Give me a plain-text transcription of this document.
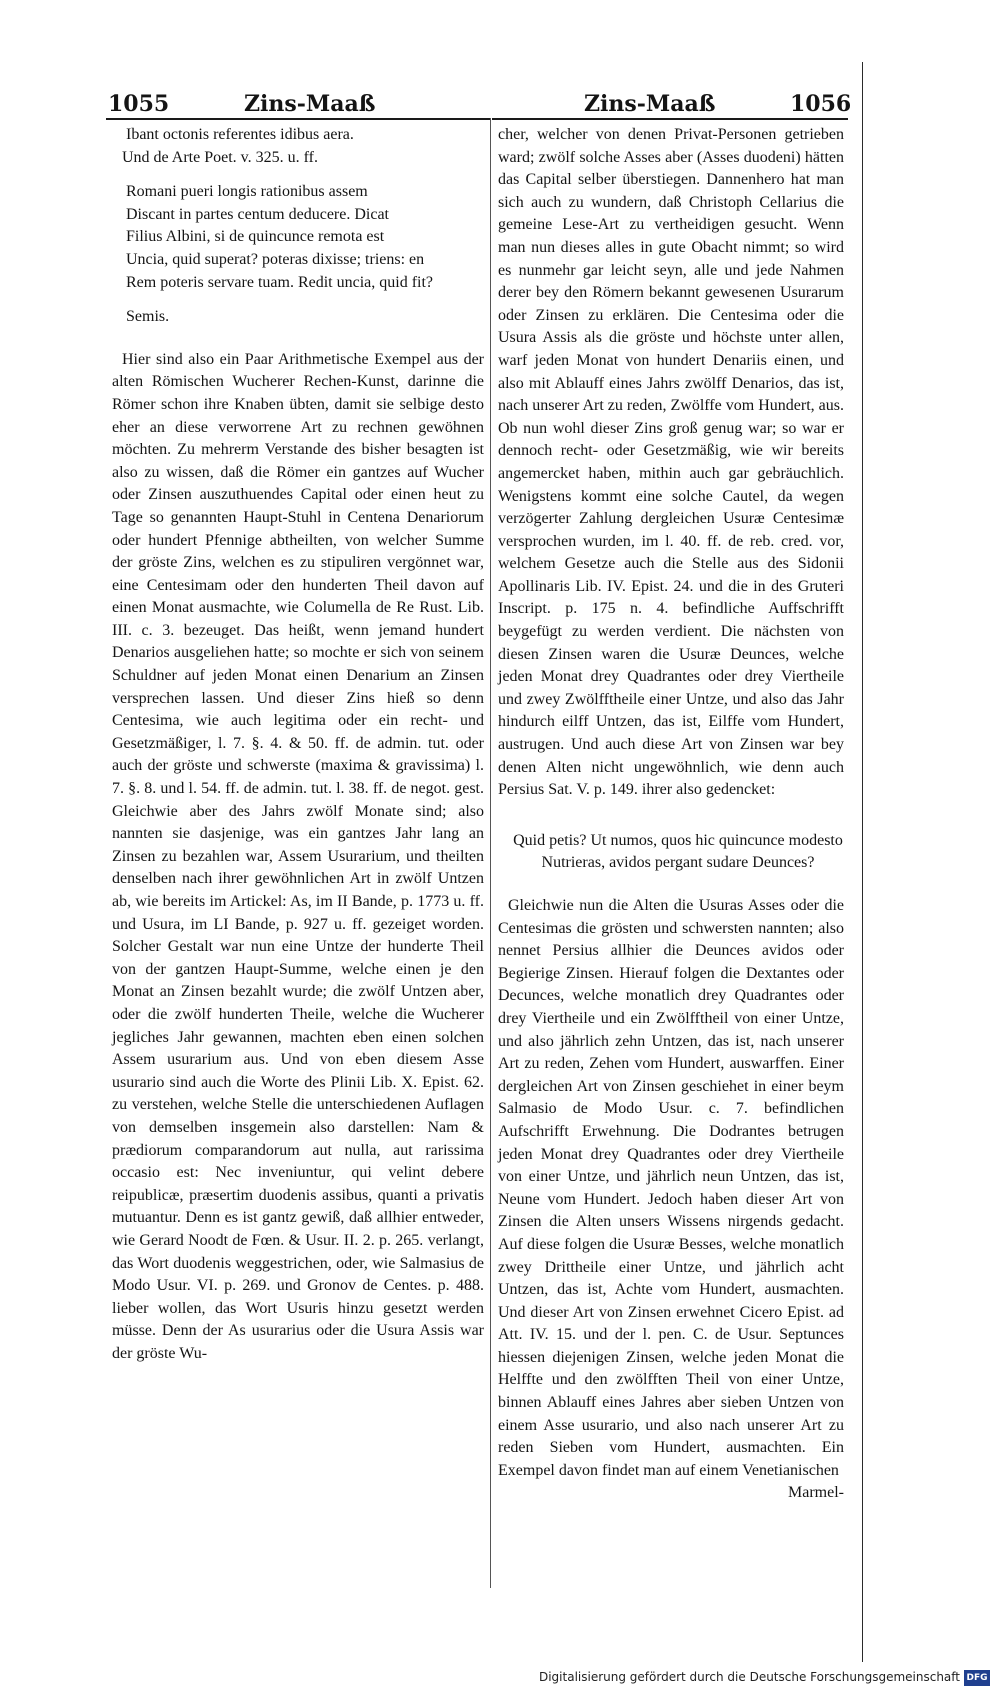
1055	Zins-Maaß	Zins-Maaß	1056

Ibant octonis referentes idibus aera.

Und de Arte Poet. v. 325. u. ff.

Romani pueri longis rationibus assem

Discant in partes centum deducere. Dicat

Filius Albini, si de quincunce remota est

Uncia, quid superat? poteras dixisse; triens: en

Rem poteris servare tuam. Redit uncia, quid fit?

Semis.

Hier sind also ein Paar Arithmetische Exempel aus der alten Römischen Wucherer Rechen-Kunst, darinne die Römer schon ihre Knaben übten, damit sie selbige desto eher an diese verworrene Art zu rechnen gewöhnen möchten. Zu mehrerm Verstande des bisher besagten ist also zu wissen, daß die Römer ein gantzes auf Wucher oder Zinsen auszuthuendes Capital oder einen heut zu Tage so genannten Haupt-Stuhl in Centena Denariorum oder hundert Pfennige abtheilten, von welcher Summe der gröste Zins, welchen es zu stipuliren vergönnet war, eine Centesimam oder den hunderten Theil davon auf einen Monat ausmachte, wie Columella de Re Rust. Lib. III. c. 3. bezeuget. Das heißt, wenn jemand hundert Denarios ausgeliehen hatte; so mochte er sich von seinem Schuldner auf jeden Monat einen Denarium an Zinsen versprechen lassen. Und dieser Zins hieß so denn Centesima, wie auch legitima oder ein recht- und Gesetzmäßiger, l. 7. §. 4. & 50. ff. de admin. tut. oder auch der gröste und schwerste (maxima & gravissima) l. 7. §. 8. und l. 54. ff. de admin. tut. l. 38. ff. de negot. gest. Gleichwie aber des Jahrs zwölf Monate sind; also nannten sie dasjenige, was ein gantzes Jahr lang an Zinsen zu bezahlen war, Assem Usurarium, und theilten denselben nach ihrer gewöhnlichen Art in zwölf Untzen ab, wie bereits im Artickel: As, im II Bande, p. 1773 u. ff. und Usura, im LI Bande, p. 927 u. ff. gezeiget worden. Solcher Gestalt war nun eine Untze der hunderte Theil von der gantzen Haupt-Summe, welche einen je den Monat an Zinsen bezahlt wurde; die zwölf Untzen aber, oder die zwölf hunderten Theile, welche die Wucherer jegliches Jahr gewannen, machten eben einen solchen Assem usurarium aus. Und von eben diesem Asse usurario sind auch die Worte des Plinii Lib. X. Epist. 62. zu verstehen, welche Stelle die unterschiedenen Auflagen von demselben insgemein also darstellen: Nam & prædiorum comparandorum aut nulla, aut rarissima occasio est: Nec inveniuntur, qui velint debere reipublicæ, præsertim duodenis assibus, quanti a privatis mutuantur. Denn es ist gantz gewiß, daß allhier entweder, wie Gerard Noodt de Fœn. & Usur. II. 2. p. 265. verlangt, das Wort duodenis weggestrichen, oder, wie Salmasius de Modo Usur. VI. p. 269. und Gronov de Centes. p. 488. lieber wollen, das Wort Usuris hinzu gesetzt werden müsse. Denn der As usurarius oder die Usura Assis war der gröste Wu-

cher, welcher von denen Privat-Personen getrieben ward; zwölf solche Asses aber (Asses duodeni) hätten das Capital selber überstiegen. Dannenhero hat man sich auch zu wundern, daß Christoph Cellarius die gemeine Lese-Art zu vertheidigen gesucht. Wenn man nun dieses alles in gute Obacht nimmt; so wird es nunmehr gar leicht seyn, alle und jede Nahmen derer bey den Römern bekannt gewesenen Usurarum oder Zinsen zu erklären. Die Centesima oder die Usura Assis als die gröste und höchste unter allen, warf jeden Monat von hundert Denariis einen, und also mit Ablauff eines Jahrs zwölff Denarios, das ist, nach unserer Art zu reden, Zwölffe vom Hundert, aus. Ob nun wohl dieser Zins groß genug war; so war er dennoch recht- oder Gesetzmäßig, wie wir bereits angemercket haben, mithin auch gar gebräuchlich. Wenigstens kommt eine solche Cautel, da wegen verzögerter Zahlung dergleichen Usuræ Centesimæ versprochen wurden, im l. 40. ff. de reb. cred. vor, welchem Gesetze auch die Stelle aus des Sidonii Apollinaris Lib. IV. Epist. 24. und die in des Gruteri Inscript. p. 175 n. 4. befindliche Auffschrifft beygefügt zu werden verdient. Die nächsten von diesen Zinsen waren die Usuræ Deunces, welche jeden Monat drey Quadrantes oder drey Viertheile und zwey Zwölfftheile einer Untze, und also das Jahr hindurch eilff Untzen, das ist, Eilffe vom Hundert, austrugen. Und auch diese Art von Zinsen war bey denen Alten nicht ungewöhnlich, wie denn auch Persius Sat. V. p. 149. ihrer also gedencket:

Quid petis? Ut numos, quos hic quincunce modesto

Nutrieras, avidos pergant sudare Deunces?

Gleichwie nun die Alten die Usuras Asses oder die Centesimas die grösten und schwersten nannten; also nennet Persius allhier die Deunces avidos oder Begierige Zinsen. Hierauf folgen die Dextantes oder Decunces, welche monatlich drey Quadrantes oder drey Viertheile und ein Zwölfftheil von einer Untze, und also jährlich zehn Untzen, das ist, nach unserer Art zu reden, Zehen vom Hundert, auswarffen. Einer dergleichen Art von Zinsen geschiehet in einer beym Salmasio de Modo Usur. c. 7. befindlichen Aufschrifft Erwehnung. Die Dodrantes betrugen jeden Monat drey Quadrantes oder drey Viertheile von einer Untze, und jährlich neun Untzen, das ist, Neune vom Hundert. Jedoch haben dieser Art von Zinsen die Alten unsers Wissens nirgends gedacht. Auf diese folgen die Usuræ Besses, welche monatlich zwey Drittheile einer Untze, und jährlich acht Untzen, das ist, Achte vom Hundert, ausmachten. Und dieser Art von Zinsen erwehnet Cicero Epist. ad Att. IV. 15. und der l. pen. C. de Usur. Septunces hiessen diejenigen Zinsen, welche jeden Monat die Helffte und den zwölfften Theil von einer Untze, binnen Ablauff eines Jahres aber sieben Untzen von einem Asse usurario, und also nach unserer Art zu reden Sieben vom Hundert, ausmachten. Ein Exempel davon findet man auf einem Venetianischen

Marmel-

Digitalisierung gefördert durch die Deutsche Forschungsgemeinschaft DFG
